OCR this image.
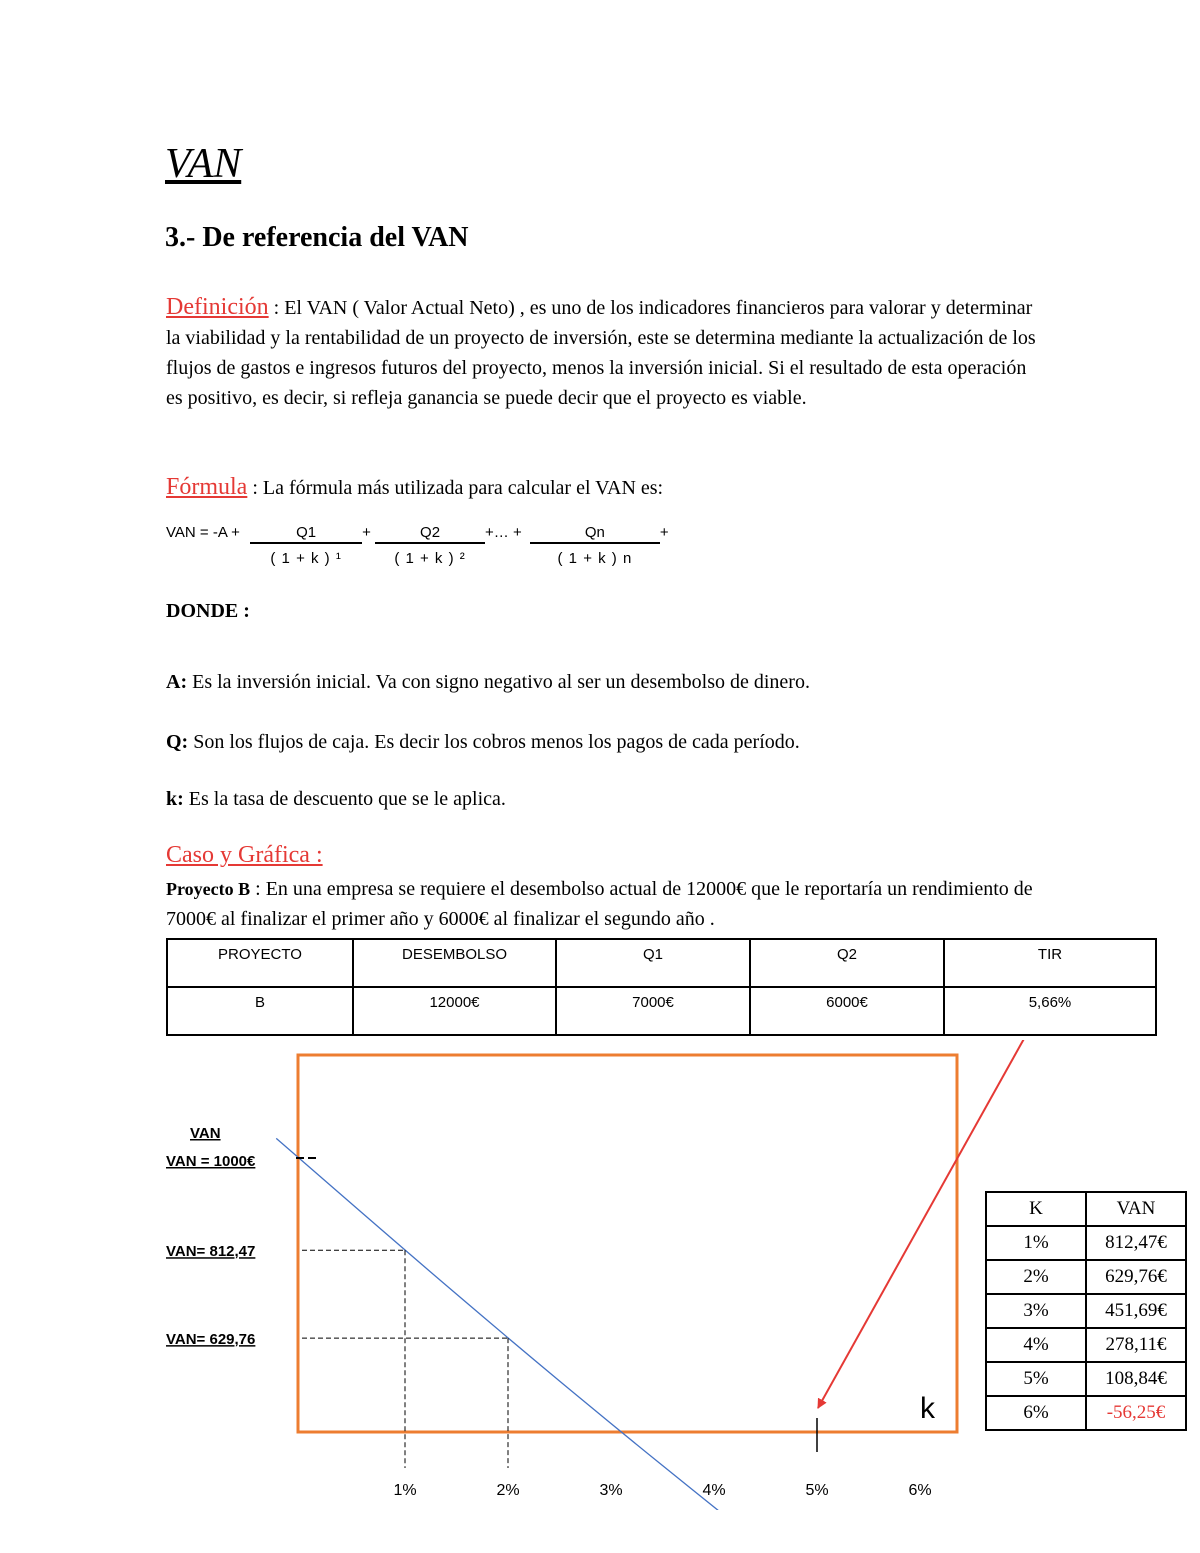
VAN
3.- De referencia del VAN

Definición : El VAN ( Valor Actual Neto) , es uno de los indicadores financieros para valorar y determinar la viabilidad y la rentabilidad de un proyecto de inversión, este se determina mediante la actualización de los flujos de gastos e ingresos futuros del proyecto, menos la inversión inicial. Si el resultado de esta operación es positivo, es decir, si refleja ganancia se puede decir que el proyecto es viable.

Fórmula : La fórmula más utilizada para calcular el VAN es:

VAN = $-A + \frac{Q1}{\text{( 1 + k ) ¹}} + \frac{Q2}{\text{( 1 + k ) ²}}$ +… + $\frac{Qn}{( 1 + k ) n}$ +

DONDE :

A: Es la inversión inicial. Va con signo negativo al ser un desembolso de dinero.

Q: Son los flujos de caja. Es decir los cobros menos los pagos de cada período.

k: Es la tasa de descuento que se le aplica.

Caso y Gráfica :

Proyecto B : En una empresa se requiere el desembolso actual de 12000€ que le reportaría un rendimiento de 7000€ al finalizar el primer año y 6000€ al finalizar el segundo año .

PROYECTO	DESEMBOLSO	Q1	Q2	TIR
B	12000€	7000€	6000€	5,66%
VAN
k
VAN = 1000€
VAN= 812,47
VAN= 629,76
1%	2%	3%	4%	5%	6%
K	VAN
1%	812,47€
2%	629,76€
3%	451,69€
4%	278,11€
5%	108,84€
6%	-56,25€
